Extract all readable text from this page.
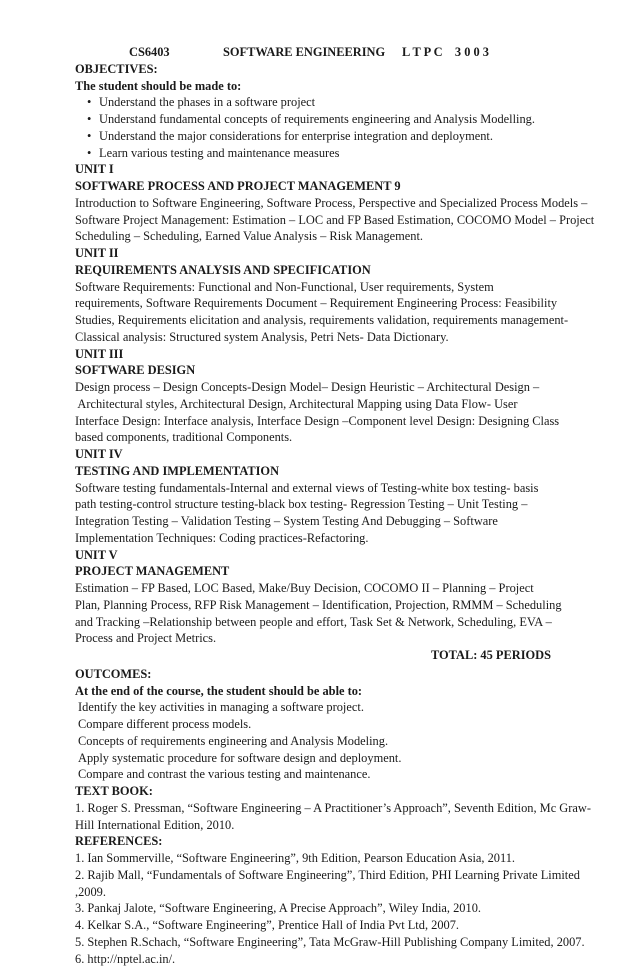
CS6403	SOFTWARE ENGINEERING	L T P C    3 0 0 3
OBJECTIVES:
The student should be made to:
• Understand the phases in a software project
• Understand fundamental concepts of requirements engineering and Analysis Modelling.
• Understand the major considerations for enterprise integration and deployment.
• Learn various testing and maintenance measures
UNIT I
SOFTWARE PROCESS AND PROJECT MANAGEMENT 9
Introduction to Software Engineering, Software Process, Perspective and Specialized Process Models –
Software Project Management: Estimation – LOC and FP Based Estimation, COCOMO Model – Project
Scheduling – Scheduling, Earned Value Analysis – Risk Management.
UNIT II
REQUIREMENTS ANALYSIS AND SPECIFICATION
Software Requirements: Functional and Non-Functional, User requirements, System
requirements, Software Requirements Document – Requirement Engineering Process: Feasibility
Studies, Requirements elicitation and analysis, requirements validation, requirements management-
Classical analysis: Structured system Analysis, Petri Nets- Data Dictionary.
UNIT III
SOFTWARE DESIGN
Design process – Design Concepts-Design Model– Design Heuristic – Architectural Design –
Architectural styles, Architectural Design, Architectural Mapping using Data Flow- User
Interface Design: Interface analysis, Interface Design –Component level Design: Designing Class
based components, traditional Components.
UNIT IV
TESTING AND IMPLEMENTATION
Software testing fundamentals-Internal and external views of Testing-white box testing- basis
path testing-control structure testing-black box testing- Regression Testing – Unit Testing –
Integration Testing – Validation Testing – System Testing And Debugging – Software
Implementation Techniques: Coding practices-Refactoring.
UNIT V
PROJECT MANAGEMENT
Estimation – FP Based, LOC Based, Make/Buy Decision, COCOMO II – Planning – Project
Plan, Planning Process, RFP Risk Management – Identification, Projection, RMMM – Scheduling
and Tracking –Relationship between people and effort, Task Set & Network, Scheduling, EVA –
Process and Project Metrics.
TOTAL: 45 PERIODS
OUTCOMES:
At the end of the course, the student should be able to:
Identify the key activities in managing a software project.
Compare different process models.
Concepts of requirements engineering and Analysis Modeling.
Apply systematic procedure for software design and deployment.
Compare and contrast the various testing and maintenance.
TEXT BOOK:
1. Roger S. Pressman, “Software Engineering – A Practitioner’s Approach”, Seventh Edition, Mc Graw-
Hill International Edition, 2010.
REFERENCES:
1. Ian Sommerville, “Software Engineering”, 9th Edition, Pearson Education Asia, 2011.
2. Rajib Mall, “Fundamentals of Software Engineering”, Third Edition, PHI Learning Private Limited
,2009.
3. Pankaj Jalote, “Software Engineering, A Precise Approach”, Wiley India, 2010.
4. Kelkar S.A., “Software Engineering”, Prentice Hall of India Pvt Ltd, 2007.
5. Stephen R.Schach, “Software Engineering”, Tata McGraw-Hill Publishing Company Limited, 2007.
6. http://nptel.ac.in/.
